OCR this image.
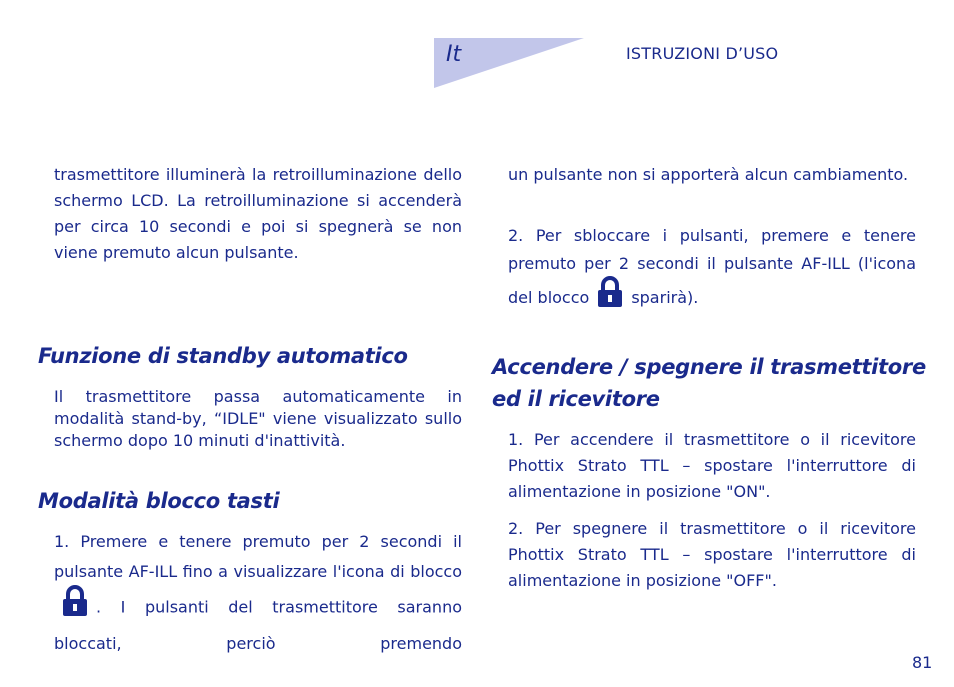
It	ISTRUZIONI D’USO

trasmettitore illuminerà la retroilluminazione dello schermo LCD. La retroilluminazione si accenderà per circa 10 secondi e poi si spegnerà se non viene premuto alcun pulsante.

Funzione di standby automatico

Il trasmettitore passa automaticamente in modalità stand-by, “IDLE" viene visualizzato sullo schermo dopo 10 minuti d'inattività.

Modalità blocco tasti

1. Premere e tenere premuto per 2 secondi il pulsante AF-ILL fino a visualizzare l'icona di blocco. I pulsanti del trasmettitore saranno bloccati, perciò premendo

un pulsante non si apporterà alcun cambiamento.

2. Per sbloccare i pulsanti, premere e tenere premuto per 2 secondi il pulsante AF-ILL (l'icona del blocco	sparirà).

Accendere / spegnere il trasmettitore
ed il ricevitore

1. Per accendere il trasmettitore o il ricevitore Phottix Strato TTL – spostare l'interruttore di alimentazione in posizione "ON".

2. Per spegnere il trasmettitore o il ricevitore Phottix Strato TTL – spostare l'interruttore di alimentazione in posizione "OFF".

81
